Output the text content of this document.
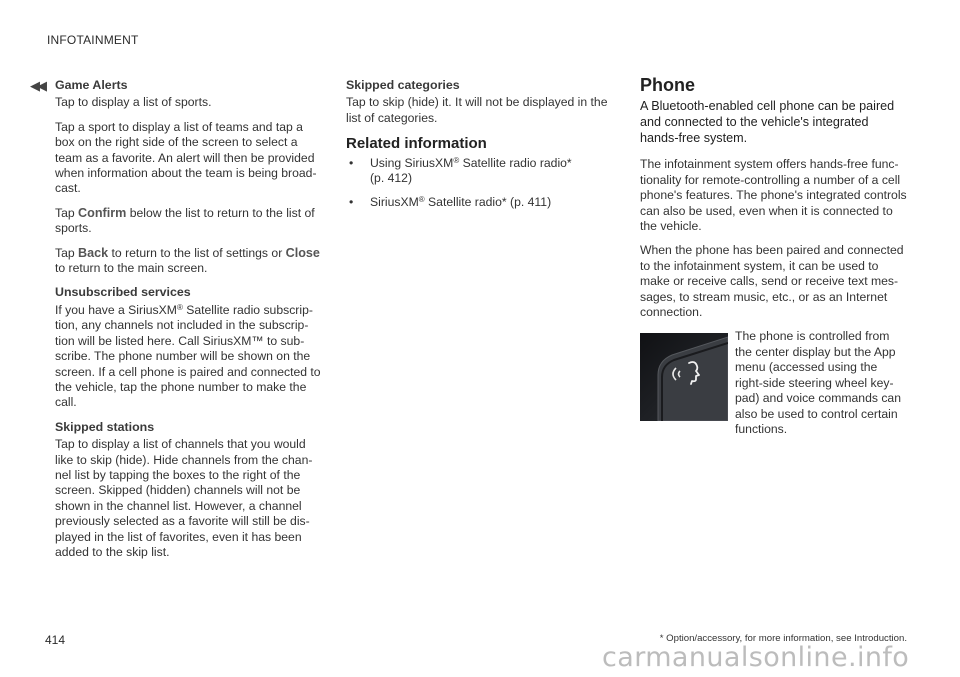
INFOTAINMENT
◀◀ Game Alerts

Tap to display a list of sports.

Tap a sport to display a list of teams and tap a box on the right side of the screen to select a team as a favorite. An alert will then be provided when information about the team is being broad-cast.

Tap Confirm below the list to return to the list of sports.

Tap Back to return to the list of settings or Close to return to the main screen.

Unsubscribed services

If you have a SiriusXM® Satellite radio subscrip-tion, any channels not included in the subscrip-tion will be listed here. Call SiriusXM™ to sub-scribe. The phone number will be shown on the screen. If a cell phone is paired and connected to the vehicle, tap the phone number to make the call.

Skipped stations

Tap to display a list of channels that you would like to skip (hide). Hide channels from the chan-nel list by tapping the boxes to the right of the screen. Skipped (hidden) channels will not be shown in the channel list. However, a channel previously selected as a favorite will still be dis-played in the list of favorites, even it has been added to the skip list.

Skipped categories

Tap to skip (hide) it. It will not be displayed in the list of categories.

Related information
• Using SiriusXM® Satellite radio radio*
(p. 412)
• SiriusXM® Satellite radio* (p. 411)
Phone
A Bluetooth-enabled cell phone can be paired and connected to the vehicle's integrated hands-free system.

The infotainment system offers hands-free func-tionality for remote-controlling a number of a cell phone's features. The phone's integrated controls can also be used, even when it is connected to the vehicle.

When the phone has been paired and connected to the infotainment system, it can be used to make or receive calls, send or receive text mes-sages, to stream music, etc., or as an Internet connection.

The phone is controlled from the center display but the App menu (accessed using the right-side steering wheel key-pad) and voice commands can also be used to control certain functions.
414	* Option/accessory, for more information, see Introduction.
carmanualsonline.info
